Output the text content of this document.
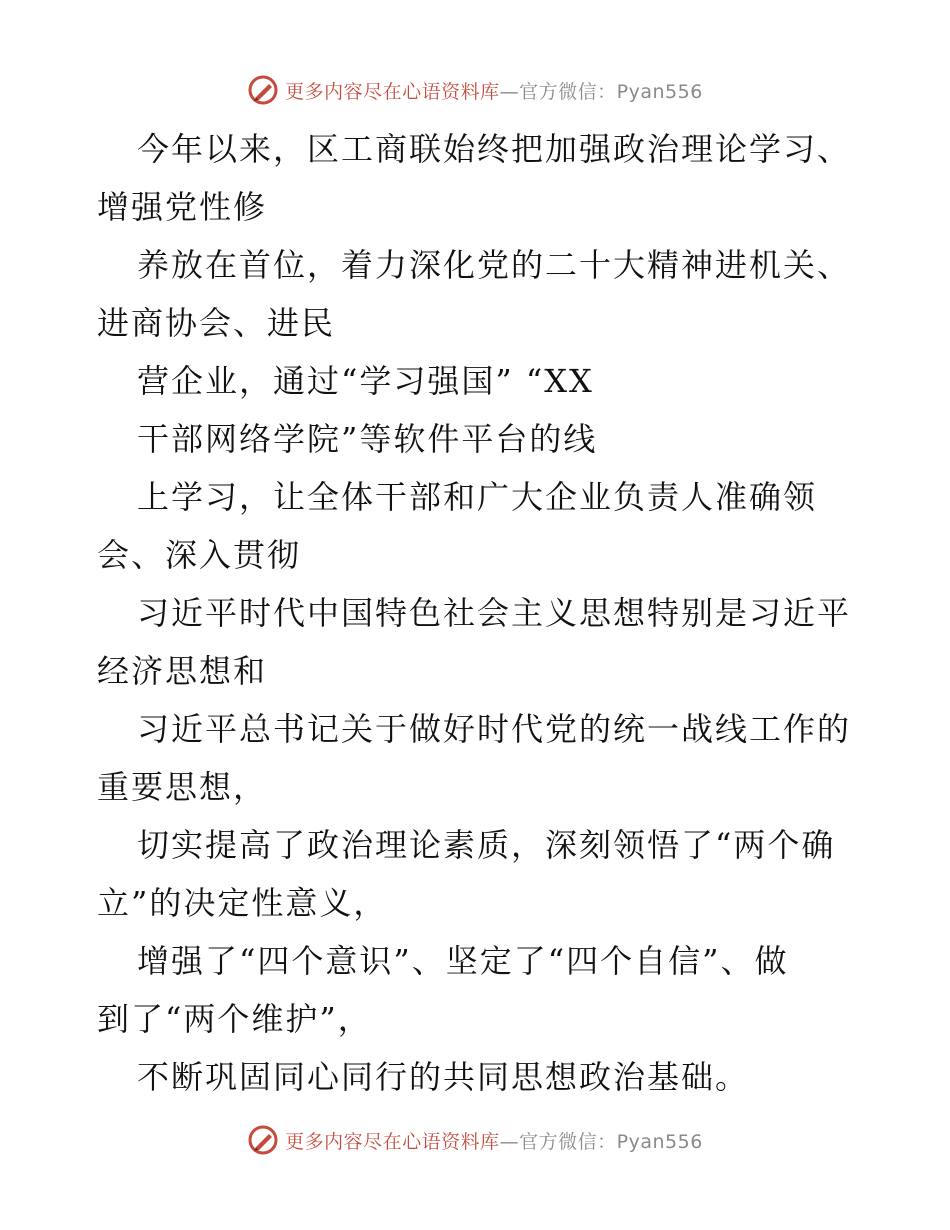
更多内容尽在心语资料库—官方微信：Pyan556
今年以来，区工商联始终把加强政治理论学习、
增强党性修
养放在首位，着力深化党的二十大精神进机关、
进商协会、进民
营企业，通过“学习强国” “XX
干部网络学院”等软件平台的线
上学习，让全体干部和广大企业负责人准确领
会、深入贯彻
习近平时代中国特色社会主义思想特别是习近平
经济思想和
习近平总书记关于做好时代党的统一战线工作的
重要思想，
切实提高了政治理论素质，深刻领悟了“两个确
立”的决定性意义，
增强了“四个意识”、坚定了“四个自信”、做
到了“两个维护”，
不断巩固同心同行的共同思想政治基础。
更多内容尽在心语资料库—官方微信：Pyan556
